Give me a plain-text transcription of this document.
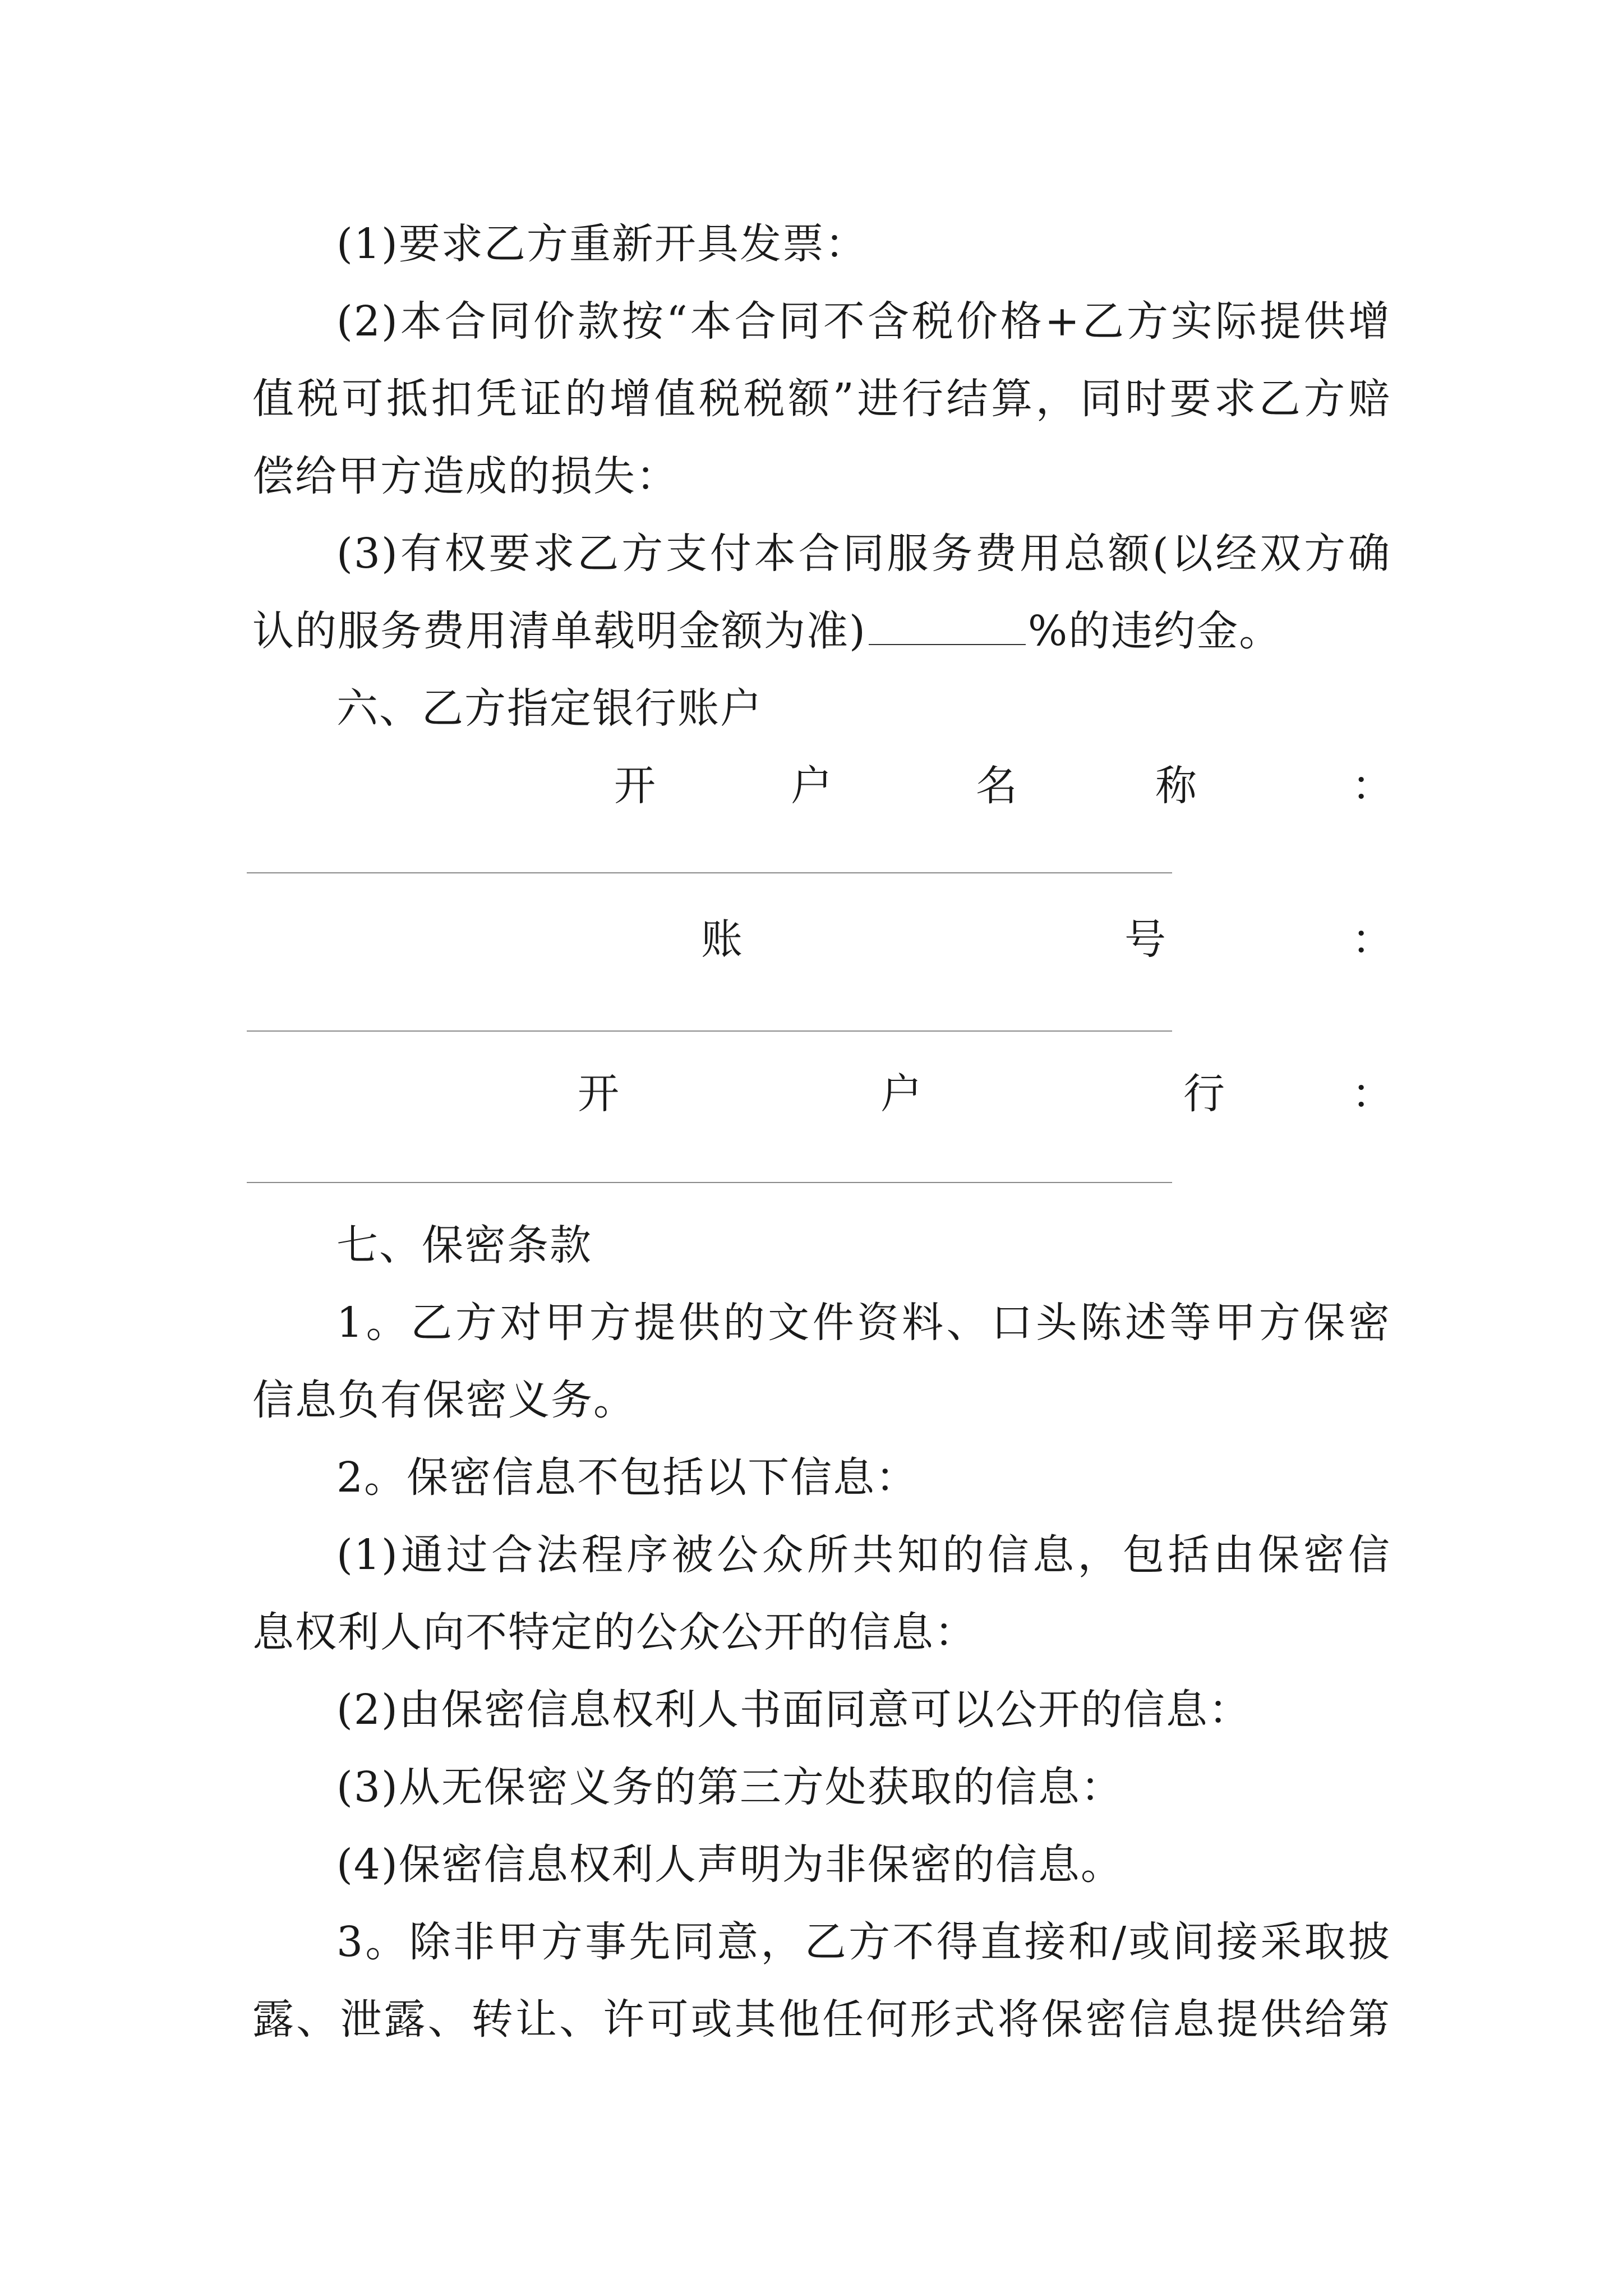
(1)要求乙方重新开具发票：
(2)本合同价款按“本合同不含税价格+乙方实际提供增
值税可抵扣凭证的增值税税额”进行结算，同时要求乙方赔
偿给甲方造成的损失：
(3)有权要求乙方支付本合同服务费用总额(以经双方确
认的服务费用清单载明金额为准)	%的违约金。
六、乙方指定银行账户
开	户	名	称	：
账	号	：
开	户	行	：
七、保密条款
1。乙方对甲方提供的文件资料、口头陈述等甲方保密
信息负有保密义务。
2。保密信息不包括以下信息：
(1)通过合法程序被公众所共知的信息，包括由保密信
息权利人向不特定的公众公开的信息：
(2)由保密信息权利人书面同意可以公开的信息：
(3)从无保密义务的第三方处获取的信息：
(4)保密信息权利人声明为非保密的信息。
3。除非甲方事先同意，乙方不得直接和/或间接采取披
露、泄露、转让、许可或其他任何形式将保密信息提供给第
